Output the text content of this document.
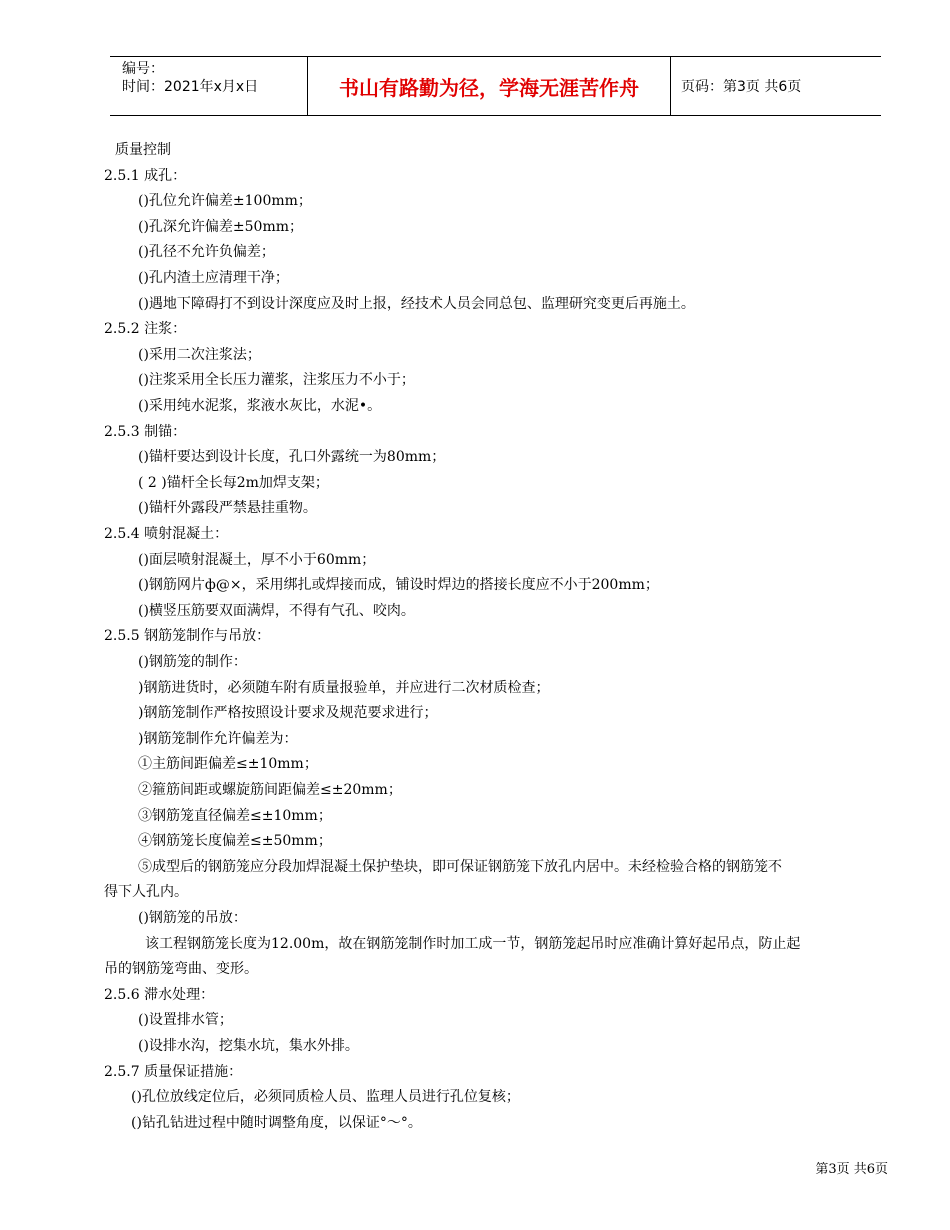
编号：
时间：2021年x月x日	书山有路勤为径，学海无涯苦作舟	页码：第3页 共6页
质量控制
2.5.1 成孔：
()孔位允许偏差±100mm；
()孔深允许偏差±50mm；
()孔径不允许负偏差；
()孔内渣土应清理干净；
()遇地下障碍打不到设计深度应及时上报，经技术人员会同总包、监理研究变更后再施土。
2.5.2 注浆：
()采用二次注浆法；
()注浆采用全长压力灌浆，注浆压力不小于；
()采用纯水泥浆，浆液水灰比，水泥•。
2.5.3 制锚：
()锚杆要达到设计长度，孔口外露统一为80mm；
( 2 )锚杆全长每2m加焊支架；
()锚杆外露段严禁悬挂重物。
2.5.4 喷射混凝土：
()面层喷射混凝土，厚不小于60mm；
()钢筋网片ф@×，采用绑扎或焊接而成，铺设时焊边的搭接长度应不小于200mm；
()横竖压筋要双面满焊，不得有气孔、咬肉。
2.5.5 钢筋笼制作与吊放：
()钢筋笼的制作：
)钢筋进货时，必须随车附有质量报验单，并应进行二次材质检查；
)钢筋笼制作严格按照设计要求及规范要求进行；
)钢筋笼制作允许偏差为：
①主筋间距偏差≤±10mm；
②箍筋间距或螺旋筋间距偏差≤±20mm；
③钢筋笼直径偏差≤±10mm；
④钢筋笼长度偏差≤±50mm；
⑤成型后的钢筋笼应分段加焊混凝土保护垫块，即可保证钢筋笼下放孔内居中。未经检验合格的钢筋笼不
得下人孔内。
()钢筋笼的吊放：
该工程钢筋笼长度为12.00m，故在钢筋笼制作时加工成一节，钢筋笼起吊时应准确计算好起吊点，防止起
吊的钢筋笼弯曲、变形。
2.5.6 滞水处理：
()设置排水管；
()设排水沟，挖集水坑，集水外排。
2.5.7 质量保证措施：
()孔位放线定位后，必须同质检人员、监理人员进行孔位复核；
()钻孔钻进过程中随时调整角度，以保证°～°。
第3页 共6页
